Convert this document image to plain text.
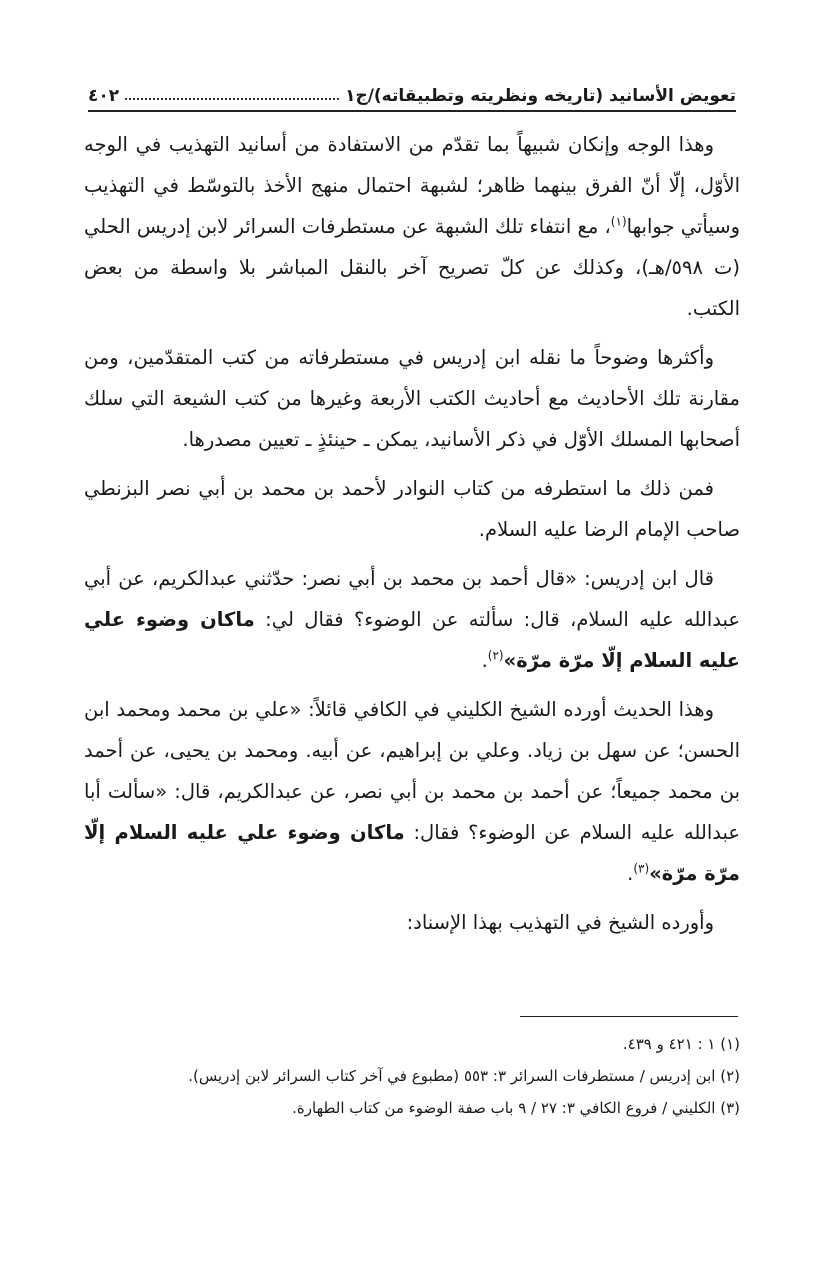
٤٠٢	تعويض الأسانيد (تاريخه ونظريته وتطبيقاته)/ج١

وهذا الوجه وإنكان شبيهاً بما تقدّم من الاستفادة من أسانيد التهذيب في الوجه الأوّل، إلّا أنّ الفرق بينهما ظاهر؛ لشبهة احتمال منهج الأخذ بالتوسّط في التهذيب وسيأتي جوابها$^{(١)}$، مع انتفاء تلك الشبهة عن مستطرفات السرائر لابن إدريس الحلي (ت ٥٩٨/هـ)، وكذلك عن كلّ تصريح آخر بالنقل المباشر بلا واسطة من بعض الكتب.

وأكثرها وضوحاً ما نقله ابن إدريس في مستطرفاته من كتب المتقدّمين، ومن مقارنة تلك الأحاديث مع أحاديث الكتب الأربعة وغيرها من كتب الشيعة التي سلك أصحابها المسلك الأوّل في ذكر الأسانيد، يمكن ـ حينئذٍ ـ تعيين مصدرها.

فمن ذلك ما استطرفه من كتاب النوادر لأحمد بن محمد بن أبي نصر البزنطي صاحب الإمام الرضا عليه السلام.

قال ابن إدريس: «قال أحمد بن محمد بن أبي نصر: حدّثني عبدالكريم، عن أبي عبدالله عليه السلام، قال: سألته عن الوضوء؟ فقال لي: ماكان وضوء علي عليه السلام إلّا مرّة مرّة»$^{(٢)}$.

وهذا الحديث أورده الشيخ الكليني في الكافي قائلاً: «علي بن محمد ومحمد ابن الحسن؛ عن سهل بن زياد. وعلي بن إبراهيم، عن أبيه. ومحمد بن يحيى، عن أحمد بن محمد جميعاً؛ عن أحمد بن محمد بن أبي نصر، عن عبدالكريم، قال: «سألت أبا عبدالله عليه السلام عن الوضوء؟ فقال: ماكان وضوء علي عليه السلام إلّا مرّة مرّة»$^{(٣)}$.

وأورده الشيخ في التهذيب بهذا الإسناد:

(١) ١ : ٤٢١ و ٤٣٩.
(٢) ابن إدريس / مستطرفات السرائر ٣: ٥٥٣ (مطبوع في آخر كتاب السرائر لابن إدريس).
(٣) الكليني / فروع الكافي ٣: ٢٧ / ٩ باب صفة الوضوء من كتاب الطهارة.
